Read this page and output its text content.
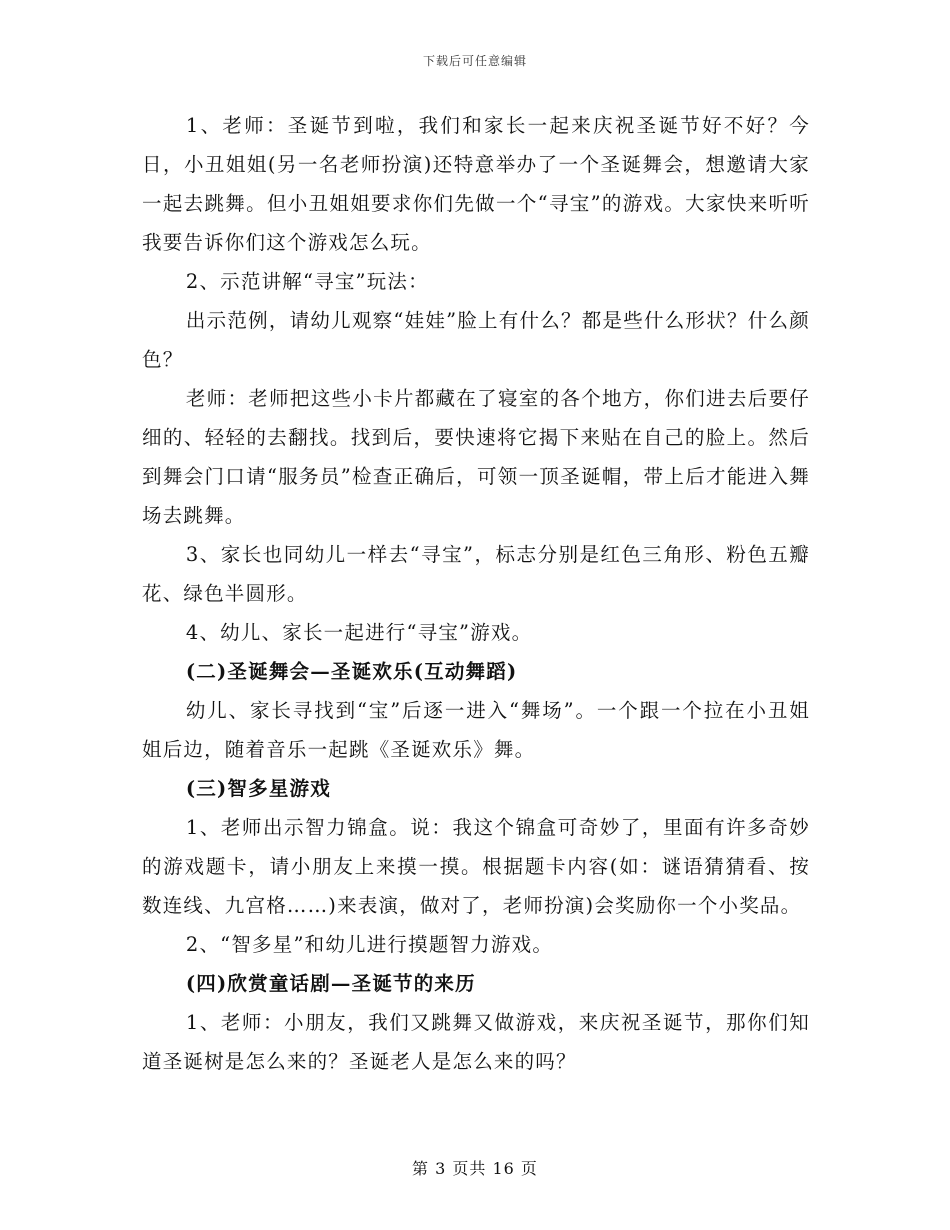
下载后可任意编辑

1、老师：圣诞节到啦，我们和家长一起来庆祝圣诞节好不好？今日，小丑姐姐(另一名老师扮演)还特意举办了一个圣诞舞会，想邀请大家一起去跳舞。但小丑姐姐要求你们先做一个“寻宝”的游戏。大家快来听听我要告诉你们这个游戏怎么玩。

2、示范讲解“寻宝”玩法：

出示范例，请幼儿观察“娃娃”脸上有什么？都是些什么形状？什么颜色？

老师：老师把这些小卡片都藏在了寝室的各个地方，你们进去后要仔细的、轻轻的去翻找。找到后，要快速将它揭下来贴在自己的脸上。然后到舞会门口请“服务员”检查正确后，可领一顶圣诞帽，带上后才能进入舞场去跳舞。

3、家长也同幼儿一样去“寻宝”，标志分别是红色三角形、粉色五瓣花、绿色半圆形。

4、幼儿、家长一起进行“寻宝”游戏。

(二)圣诞舞会—圣诞欢乐(互动舞蹈)

幼儿、家长寻找到“宝”后逐一进入“舞场”。一个跟一个拉在小丑姐姐后边，随着音乐一起跳《圣诞欢乐》舞。

(三)智多星游戏

1、老师出示智力锦盒。说：我这个锦盒可奇妙了，里面有许多奇妙的游戏题卡，请小朋友上来摸一摸。根据题卡内容(如：谜语猜猜看、按数连线、九宫格……)来表演，做对了，老师扮演)会奖励你一个小奖品。

2、“智多星”和幼儿进行摸题智力游戏。

(四)欣赏童话剧—圣诞节的来历

1、老师：小朋友，我们又跳舞又做游戏，来庆祝圣诞节，那你们知道圣诞树是怎么来的？圣诞老人是怎么来的吗？

第 3 页共 16 页
